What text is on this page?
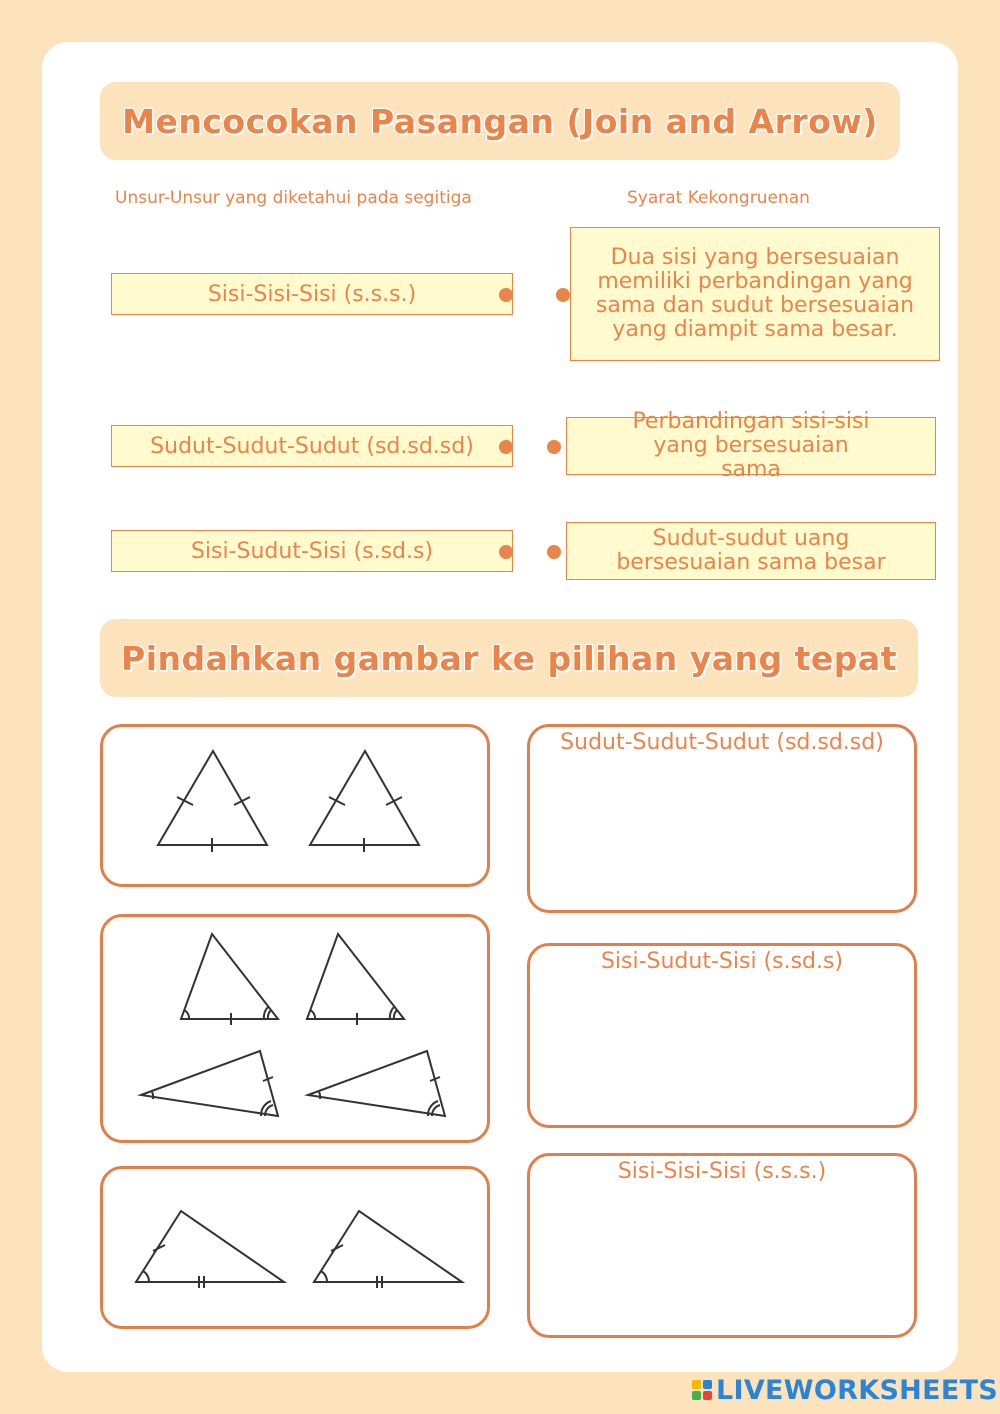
Mencocokan Pasangan (Join and Arrow)
Unsur-Unsur yang diketahui pada segitiga	Syarat Kekongruenan
Sisi-Sisi-Sisi (s.s.s.)
Sudut-Sudut-Sudut (sd.sd.sd)
Sisi-Sudut-Sisi (s.sd.s)
Dua sisi yang bersesuaian memiliki perbandingan yang sama dan sudut bersesuaian yang diampit sama besar.
Perbandingan sisi-sisi yang bersesuaian sama
Sudut-sudut uang bersesuaian sama besar
Pindahkan gambar ke pilihan yang tepat
Sudut-Sudut-Sudut (sd.sd.sd)
Sisi-Sudut-Sisi (s.sd.s)
Sisi-Sisi-Sisi (s.s.s.)
LIVEWORKSHEETS
